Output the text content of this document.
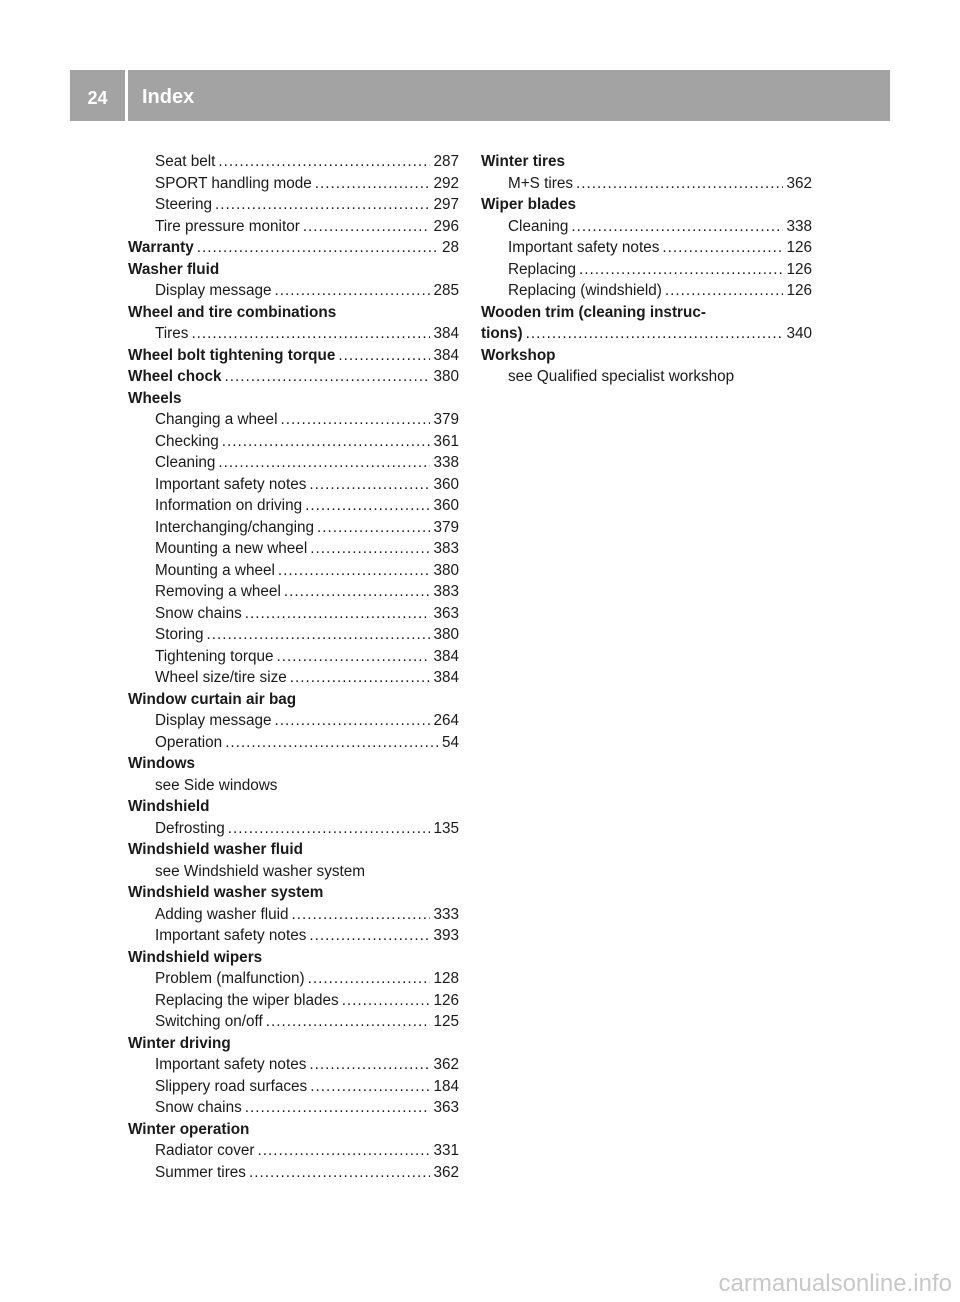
24	Index
Seat belt .....	287
SPORT handling mode .....	292
Steering .....	297
Tire pressure monitor .....	296
Warranty .....	28
Washer fluid
Display message .....	285
Wheel and tire combinations
Tires .....	384
Wheel bolt tightening torque .....	384
Wheel chock .....	380
Wheels
Changing a wheel .....	379
Checking .....	361
Cleaning .....	338
Important safety notes .....	360
Information on driving .....	360
Interchanging/changing .....	379
Mounting a new wheel .....	383
Mounting a wheel .....	380
Removing a wheel .....	383
Snow chains .....	363
Storing .....	380
Tightening torque .....	384
Wheel size/tire size .....	384
Window curtain air bag
Display message .....	264
Operation .....	54
Windows
see Side windows
Windshield
Defrosting .....	135
Windshield washer fluid
see Windshield washer system
Windshield washer system
Adding washer fluid .....	333
Important safety notes .....	393
Windshield wipers
Problem (malfunction) .....	128
Replacing the wiper blades .....	126
Switching on/off .....	125
Winter driving
Important safety notes .....	362
Slippery road surfaces .....	184
Snow chains .....	363
Winter operation
Radiator cover .....	331
Summer tires .....	362
Winter tires
M+S tires .....	362
Wiper blades
Cleaning .....	338
Important safety notes .....	126
Replacing .....	126
Replacing (windshield) .....	126
Wooden trim (cleaning instruc-
tions) .....	340
Workshop
see Qualified specialist workshop
carmanualsonline.info
